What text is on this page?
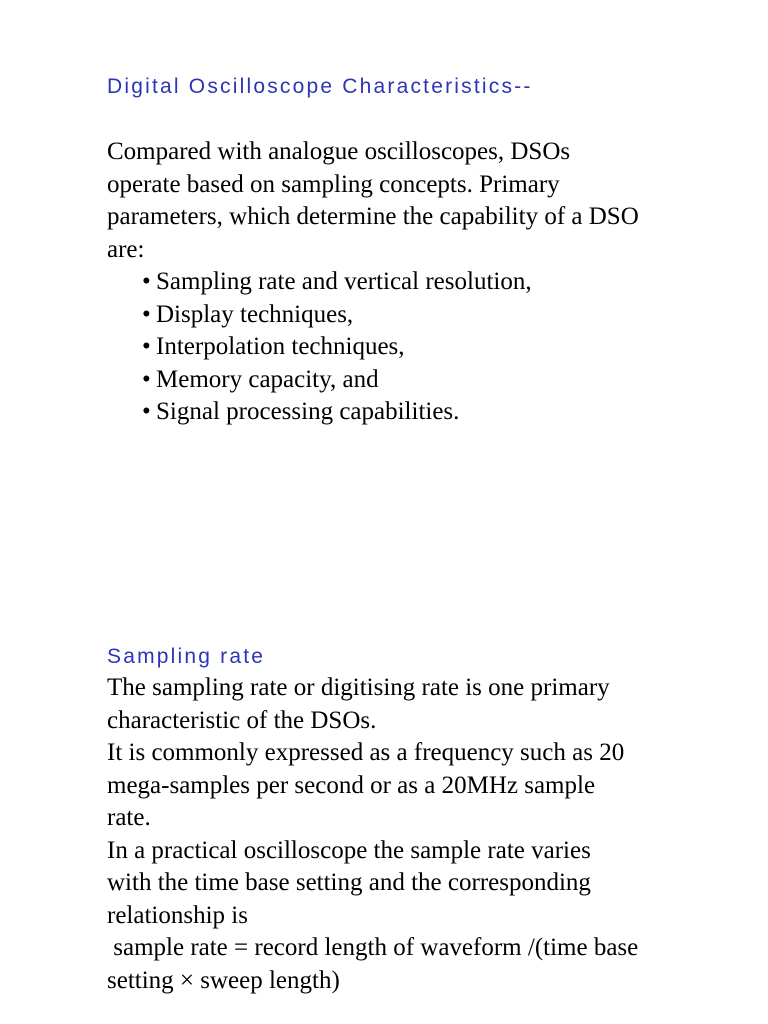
Digital Oscilloscope Characteristics--

Compared with analogue oscilloscopes, DSOs

operate based on sampling concepts. Primary

parameters, which determine the capability of a DSO

are:

• Sampling rate and vertical resolution,
• Display techniques,
• Interpolation techniques,
• Memory capacity, and
• Signal processing capabilities.
Sampling rate

The sampling rate or digitising rate is one primary

characteristic of the DSOs.

It is commonly expressed as a frequency such as 20

mega-samples per second or as a 20MHz sample

rate.

In a practical oscilloscope the sample rate varies

with the time base setting and the corresponding

relationship is

sample rate = record length of waveform /(time base

setting × sweep length)
